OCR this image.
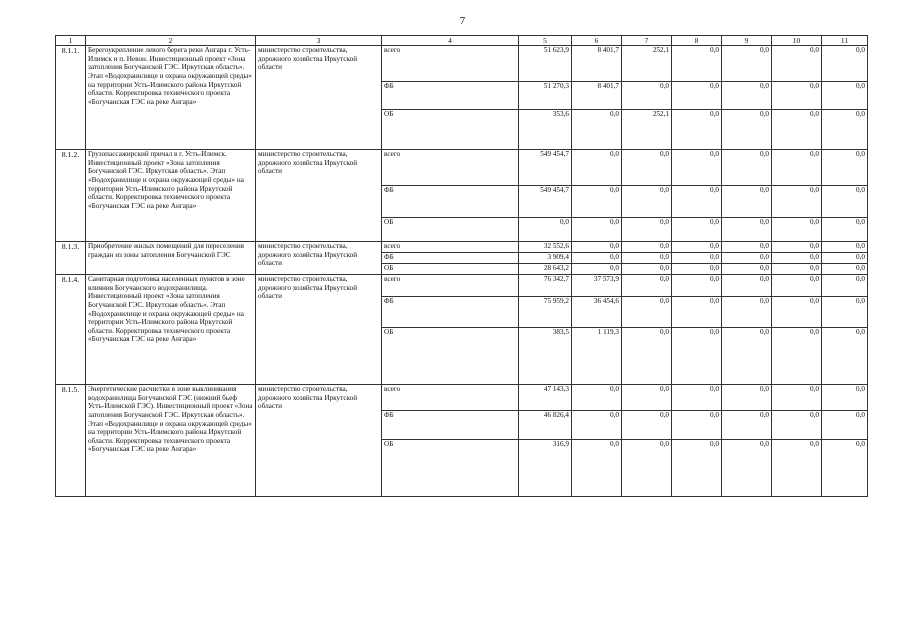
7
1	2	3	4	5	6	7	8	9	10	11
8.1.1.	Берегоукрепление левого берега реки Ангара г. Усть-Илимск и п. Невон. Инвестиционный проект «Зона затопления Богучанской ГЭС. Иркутская область». Этап «Водохранилище и охрана окружающей среды» на территории Усть-Илимского района Иркутской области. Корректировка технического проекта «Богучанская ГЭС на реке Ангара»	министерство строительства, дорожного хозяйства Иркутской области	всего	51 623,9	8 401,7	252,1	0,0	0,0	0,0	0,0
			ФБ	51 270,3	8 401,7	0,0	0,0	0,0	0,0	0,0
			ОБ	353,6	0,0	252,1	0,0	0,0	0,0	0,0
8.1.2.	Грузопассажирский причал в г. Усть-Илимск. Инвестиционный проект «Зона затопления Богучанской ГЭС. Иркутская область». Этап «Водохранилище и охрана окружающей среды» на территории Усть-Илимского района Иркутской области. Корректировка технического проекта «Богучанская ГЭС на реке Ангара»	министерство строительства, дорожного хозяйства Иркутской области	всего	549 454,7	0,0	0,0	0,0	0,0	0,0	0,0
			ФБ	549 454,7	0,0	0,0	0,0	0,0	0,0	0,0
			ОБ	0,0	0,0	0,0	0,0	0,0	0,0	0,0
8.1.3.	Приобретение жилых помещений для переселения граждан из зоны затопления Богучанской ГЭС	министерство строительства, дорожного хозяйства Иркутской области	всего	32 552,6	0,0	0,0	0,0	0,0	0,0	0,0
			ФБ	3 909,4	0,0	0,0	0,0	0,0	0,0	0,0
			ОБ	28 643,2	0,0	0,0	0,0	0,0	0,0	0,0
8.1.4.	Санитарная подготовка населенных пунктов в зоне влияния Богучанского водохранилища. Инвестиционный проект «Зона затопления Богучанской ГЭС. Иркутская область». Этап «Водохранилище и охрана окружающей среды» на территории Усть-Илимского района Иркутской области. Корректировка технического проекта «Богучанская ГЭС на реке Ангара»	министерство строительства, дорожного хозяйства Иркутской области	всего	76 342,7	37 573,9	0,0	0,0	0,0	0,0	0,0
			ФБ	75 959,2	36 454,6	0,0	0,0	0,0	0,0	0,0
			ОБ	383,5	1 119,3	0,0	0,0	0,0	0,0	0,0
8.1.5.	Энергетические расчистки в зоне выклинивания водохранилища Богучанской ГЭС (нижний бьеф Усть-Илимской ГЭС). Инвестиционный проект «Зона затопления Богучанской ГЭС. Иркутская область». Этап «Водохранилище и охрана окружающей среды» на территории Усть-Илимского района Иркутской области. Корректировка технического проекта «Богучанская ГЭС на реке Ангара»	министерство строительства, дорожного хозяйства Иркутской области	всего	47 143,3	0,0	0,0	0,0	0,0	0,0	0,0
			ФБ	46 826,4	0,0	0,0	0,0	0,0	0,0	0,0
			ОБ	316,9	0,0	0,0	0,0	0,0	0,0	0,0
